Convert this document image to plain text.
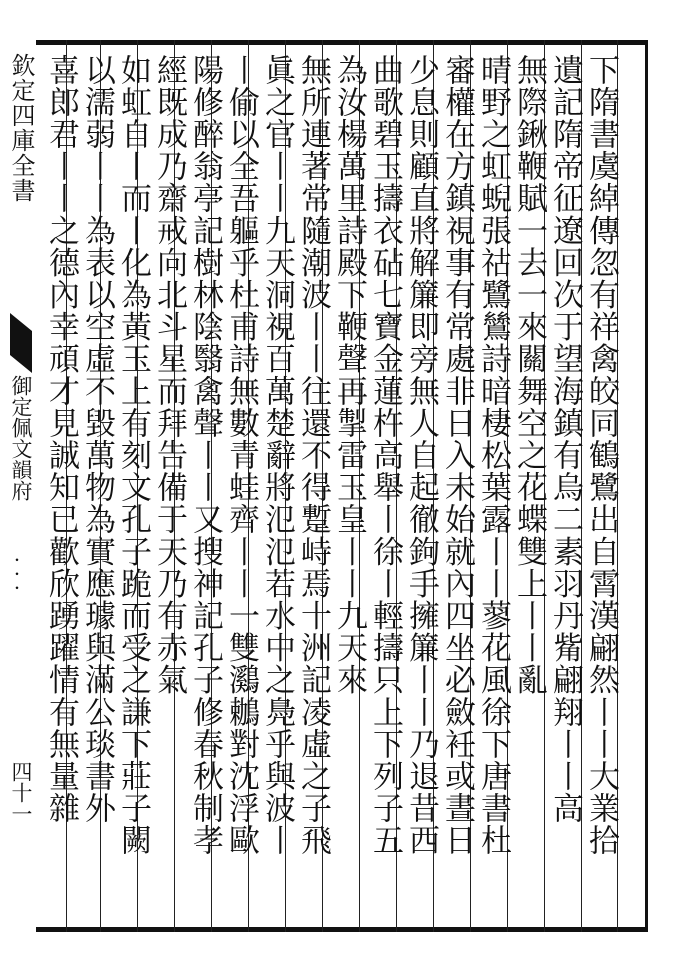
欽定四庫全書
御定佩文韻府
・・・
四十一	下隋書虞綽傳忽有祥禽皎同鶴鷺出自霄漢翩然丨丨大業拾
遺記隋帝征遼回次于望海鎮有烏二素羽丹觜翩翔丨丨高
無際鍬鞭賦一去一來關舞空之花蝶雙上丨丨亂
晴野之虹蜺張祜鷺鷥詩暗棲松葉露丨丨蓼花風徐下唐書杜
審權在方鎮視事有常處非日入未始就內四坐必斂衽或晝日
少息則顧直將解簾即旁無人自起徹鉤手擁簾丨丨乃退昔西
曲歌碧玉擣衣砧七寶金蓮杵高舉丨徐丨輕擣只上下列子五
為汝楊萬里詩殿下鞭聲再掣雷玉皇丨丨九天來
無所連著常隨潮波丨丨往還不得蹔峙焉十洲記凌虛之子飛
眞之官丨丨九天洞視百萬楚辭將氾氾若水中之鳧乎與波丨
丨偷以全吾軀乎杜甫詩無數青蛙齊丨丨一雙鸂鶒對沈浮歐
陽修醉翁亭記樹林陰翳禽聲丨丨又搜神記孔子修春秋制孝
經既成乃齋戒向北斗星而拜告備于天乃有赤氣
如虹自丨而丨化為黃玉上有刻文孔子跪而受之謙下莊子闕
以濡弱丨丨為表以空虛不毀萬物為實應璩與滿公琰書外
喜郎君丨丨之德內幸頑才見誠知已歡欣踴躍情有無量雜
